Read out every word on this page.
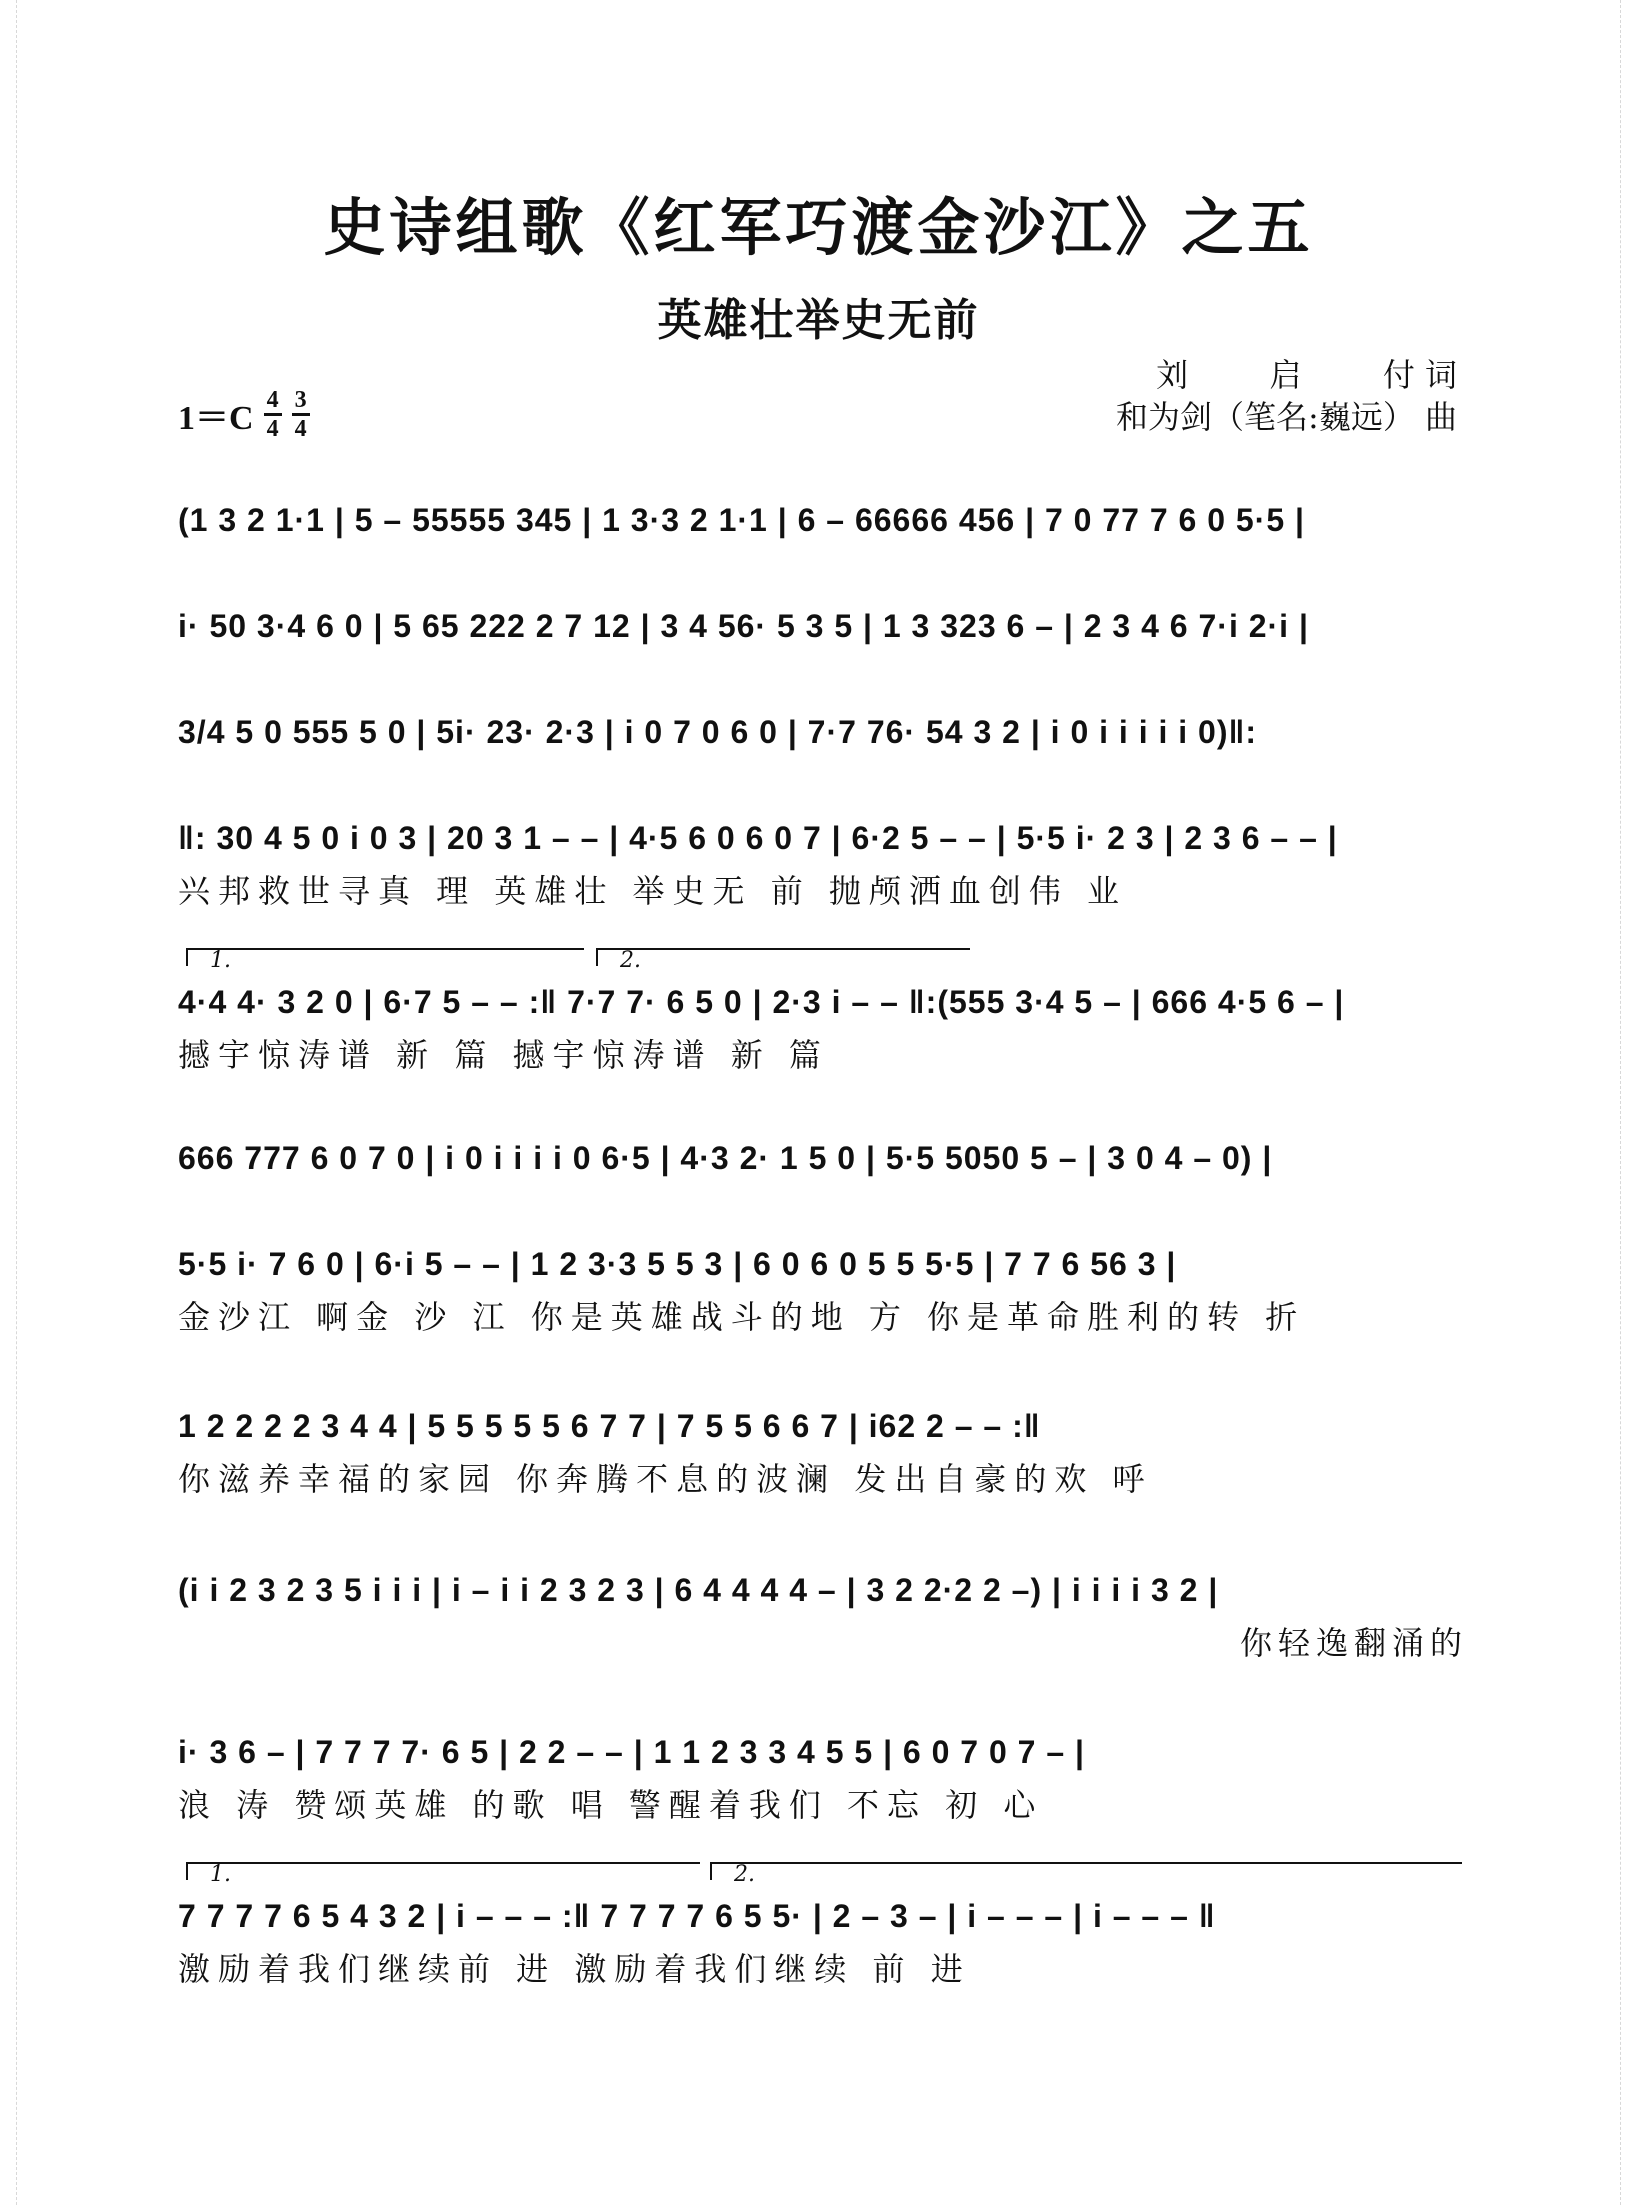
史诗组歌《红军巧渡金沙江》之五
英雄壮举史无前
刘        启        付 词
和为剑（笔名:巍远） 曲
$1=C \frac{4}{4} \frac{3}{4}$
(1 3 2 1·1 | 5 – 55555 345 | 1 3·3 2 1·1 | 6 – 66666 456 | 7 0 77 7 6 0 5·5 |
i· 50 3·4 6 0 | 5 65 222 2 7 12 | 3 4 56· 5 3 5 | 1 3 323 6 – | 2 3 4 6 7·i 2·i |
3/4 5 0 555 5 0 | 5i· 23· 2·3 | i 0 7 0 6 0 | 7·7 76· 54 3 2 | i 0 i i i i i 0)‖:
‖: 30 4 5 0 i 0 3 | 20 3 1 – – | 4·5 6 0 6 0 7 | 6·2 5 – – | 5·5 i· 2 3 | 2 3 6 – – |
兴邦救世寻真 理 英雄壮 举史无 前 抛颅洒血创伟 业
1.	2.
4·4 4· 3 2 0 | 6·7 5 – – :‖ 7·7 7· 6 5 0 | 2·3 i – – ‖:(555 3·4 5 – | 666 4·5 6 – |
撼宇惊涛谱 新 篇 撼宇惊涛谱 新 篇
666 777 6 0 7 0 | i 0 i i i i 0 6·5 | 4·3 2· 1 5 0 | 5·5 5050 5 – | 3 0 4 – 0) |
5·5 i· 7 6 0 | 6·i 5 – – | 1 2 3·3 5 5 3 | 6 0 6 0 5 5 5·5 | 7 7 6 56 3 |
金沙江 啊金 沙 江 你是英雄战斗的地 方 你是革命胜利的转 折
1 2 2 2 2 3 4 4 | 5 5 5 5 5 6 7 7 | 7 5 5 6 6 7 | i62 2 – – :‖
你滋养幸福的家园 你奔腾不息的波澜 发出自豪的欢 呼
(i i 2 3 2 3 5 i i i | i – i i 2 3 2 3 | 6 4 4 4 4 – | 3 2 2·2 2 –) | i i i i 3 2 |
你轻逸翻涌的
i· 3 6 – | 7 7 7 7· 6 5 | 2 2 – – | 1 1 2 3 3 4 5 5 | 6 0 7 0 7 – |
浪 涛 赞颂英雄 的歌 唱 警醒着我们 不忘 初 心
1.	2.
7 7 7 7 6 5 4 3 2 | i – – – :‖ 7 7 7 7 6 5 5· | 2 – 3 – | i – – – | i – – – ‖
激励着我们继续前 进 激励着我们继续 前 进
